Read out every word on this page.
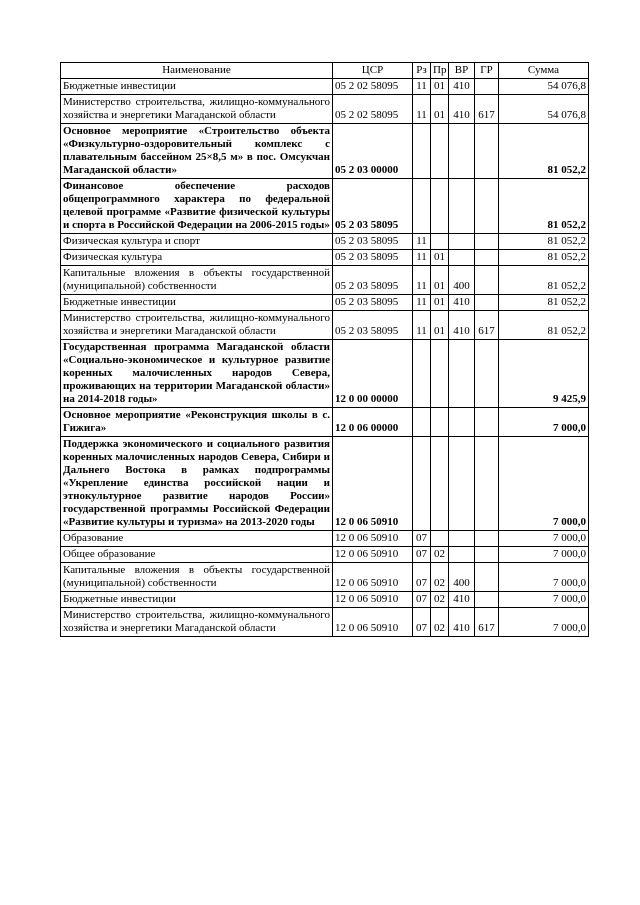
Наименование	ЦСР	Рз	Пр	ВР	ГР	Сумма
Бюджетные инвестиции	05 2 02 58095	11	01	410		54 076,8
Министерство строительства, жилищно-коммунального хозяйства и энергетики Магаданской области	05 2 02 58095	11	01	410	617	54 076,8
Основное мероприятие «Строительство объекта «Физкультурно-оздоровительный комплекс с плавательным бассейном 25×8,5 м» в пос. Омсукчан Магаданской области»	05 2 03 00000					81 052,2
Финансовое обеспечение расходов общепрограммного характера по федеральной целевой программе «Развитие физической культуры и спорта в Российской Федерации на 2006-2015 годы»	05 2 03 58095					81 052,2
Физическая культура и спорт	05 2 03 58095	11				81 052,2
Физическая культура	05 2 03 58095	11	01			81 052,2
Капитальные вложения в объекты государственной (муниципальной) собственности	05 2 03 58095	11	01	400		81 052,2
Бюджетные инвестиции	05 2 03 58095	11	01	410		81 052,2
Министерство строительства, жилищно-коммунального хозяйства и энергетики Магаданской области	05 2 03 58095	11	01	410	617	81 052,2
Государственная программа Магаданской области «Социально-экономическое и культурное развитие коренных малочисленных народов Севера, проживающих на территории Магаданской области» на 2014-2018 годы»	12 0 00 00000					9 425,9
Основное мероприятие «Реконструкция школы в с. Гижига»	12 0 06 00000					7 000,0
Поддержка экономического и социального развития коренных малочисленных народов Севера, Сибири и Дальнего Востока в рамках подпрограммы «Укрепление единства российской нации и этнокультурное развитие народов России» государственной программы Российской Федерации «Развитие культуры и туризма» на 2013-2020 годы	12 0 06 50910					7 000,0
Образование	12 0 06 50910	07				7 000,0
Общее образование	12 0 06 50910	07	02			7 000,0
Капитальные вложения в объекты государственной (муниципальной) собственности	12 0 06 50910	07	02	400		7 000,0
Бюджетные инвестиции	12 0 06 50910	07	02	410		7 000,0
Министерство строительства, жилищно-коммунального хозяйства и энергетики Магаданской области	12 0 06 50910	07	02	410	617	7 000,0
